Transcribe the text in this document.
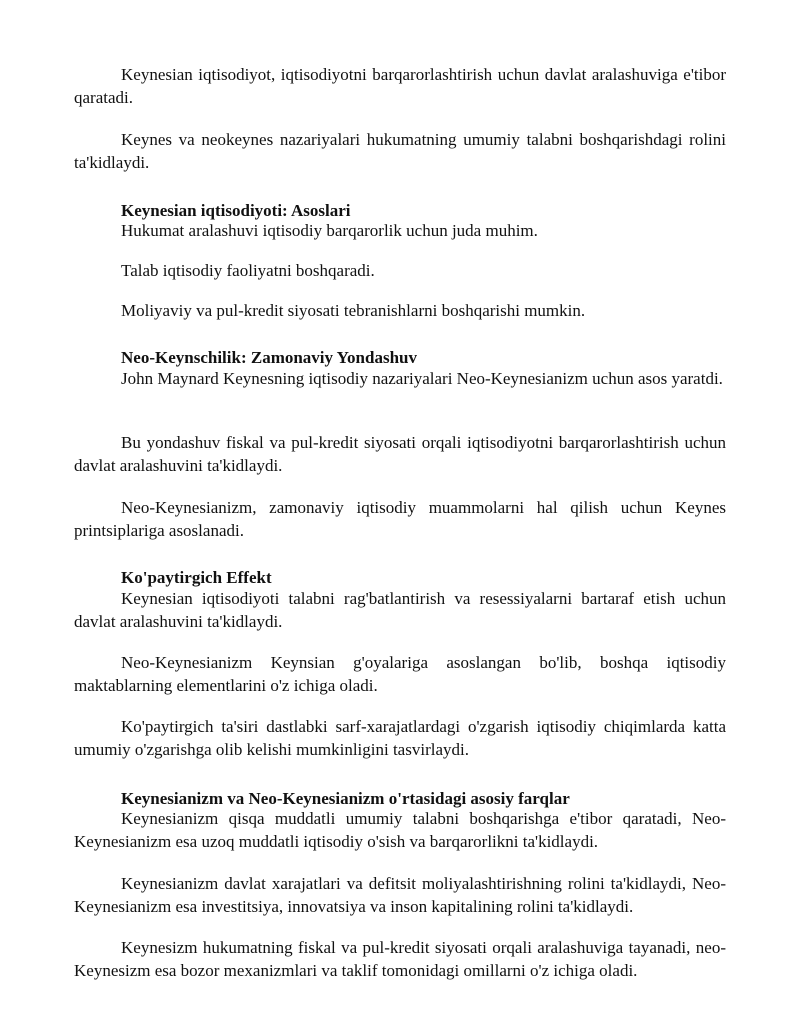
Keynesian iqtisodiyot, iqtisodiyotni barqarorlashtirish uchun davlat aralashuviga e'tibor qaratadi.

Keynes va neokeynes nazariyalari hukumatning umumiy talabni boshqarishdagi rolini ta'kidlaydi.

Keynesian iqtisodiyoti: Asoslari

Hukumat aralashuvi iqtisodiy barqarorlik uchun juda muhim.

Talab iqtisodiy faoliyatni boshqaradi.

Moliyaviy va pul-kredit siyosati tebranishlarni boshqarishi mumkin.

Neo-Keynschilik: Zamonaviy Yondashuv

John Maynard Keynesning iqtisodiy nazariyalari Neo-Keynesianizm uchun asos yaratdi.

Bu yondashuv fiskal va pul-kredit siyosati orqali iqtisodiyotni barqarorlashtirish uchun davlat aralashuvini ta'kidlaydi.

Neo-Keynesianizm, zamonaviy iqtisodiy muammolarni hal qilish uchun Keynes printsiplariga asoslanadi.

Ko'paytirgich Effekt

Keynesian iqtisodiyoti talabni rag'batlantirish va resessiyalarni bartaraf etish uchun davlat aralashuvini ta'kidlaydi.

Neo-Keynesianizm Keynsian g'oyalariga asoslangan bo'lib, boshqa iqtisodiy maktablarning elementlarini o'z ichiga oladi.

Ko'paytirgich ta'siri dastlabki sarf-xarajatlardagi o'zgarish iqtisodiy chiqimlarda katta umumiy o'zgarishga olib kelishi mumkinligini tasvirlaydi.

Keynesianizm va Neo-Keynesianizm o'rtasidagi asosiy farqlar

Keynesianizm qisqa muddatli umumiy talabni boshqarishga e'tibor qaratadi, Neo-Keynesianizm esa uzoq muddatli iqtisodiy o'sish va barqarorlikni ta'kidlaydi.

Keynesianizm davlat xarajatlari va defitsit moliyalashtirishning rolini ta'kidlaydi, Neo-Keynesianizm esa investitsiya, innovatsiya va inson kapitalining rolini ta'kidlaydi.

Keynesizm hukumatning fiskal va pul-kredit siyosati orqali aralashuviga tayanadi, neo-Keynesizm esa bozor mexanizmlari va taklif tomonidagi omillarni o'z ichiga oladi.
